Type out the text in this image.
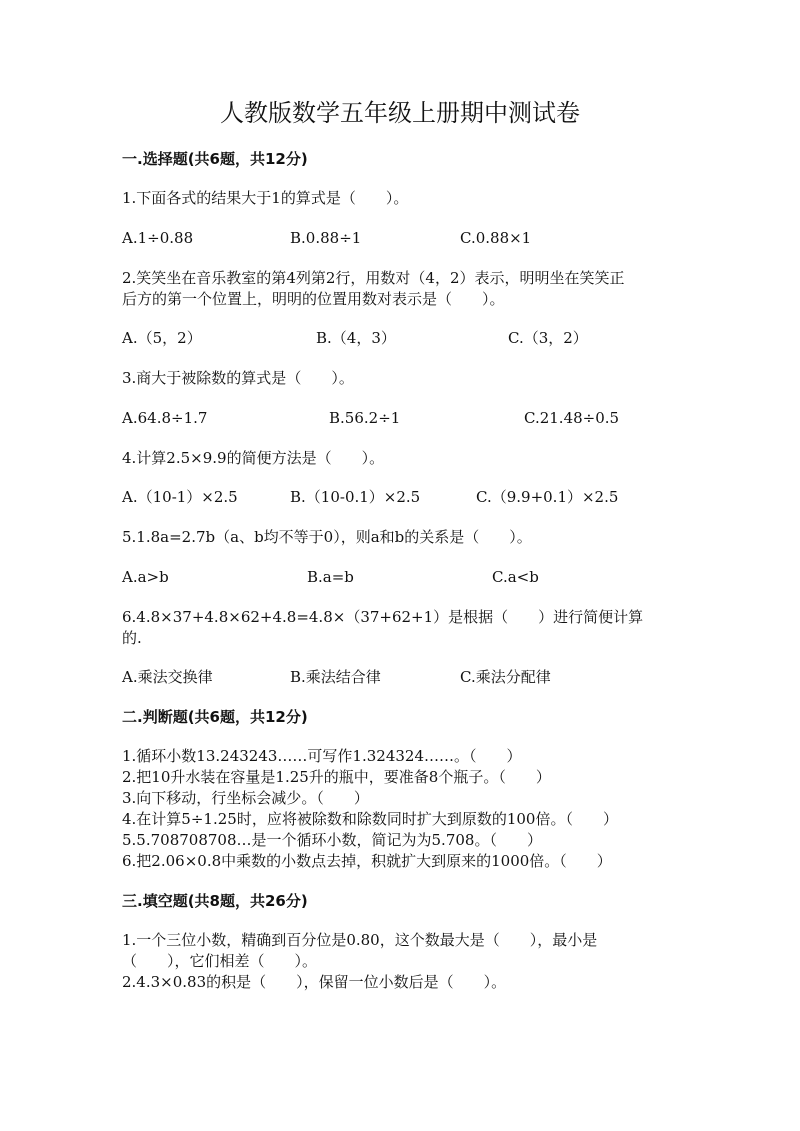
人教版数学五年级上册期中测试卷
一.选择题(共6题，共12分)
1.下面各式的结果大于1的算式是（　　）。
A.1÷0.88	B.0.88÷1	C.0.88×1
2.笑笑坐在音乐教室的第4列第2行，用数对（4，2）表示，明明坐在笑笑正
后方的第一个位置上，明明的位置用数对表示是（　　）。
A.（5，2）	B.（4，3）	C.（3，2）
3.商大于被除数的算式是（　　）。
A.64.8÷1.7	B.56.2÷1	C.21.48÷0.5
4.计算2.5×9.9的简便方法是（　　）。
A.（10-1）×2.5	B.（10-0.1）×2.5	C.（9.9+0.1）×2.5
5.1.8a=2.7b（a、b均不等于0），则a和b的关系是（　　）。
A.a>b	B.a=b	C.a<b
6.4.8×37+4.8×62+4.8=4.8×（37+62+1）是根据（　　）进行简便计算
的.
A.乘法交换律	B.乘法结合律	C.乘法分配律
二.判断题(共6题，共12分)
1.循环小数13.243243……可写作1.324324……。（　　）
2.把10升水装在容量是1.25升的瓶中，要准备8个瓶子。（　　）
3.向下移动，行坐标会减少。（　　）
4.在计算5÷1.25时，应将被除数和除数同时扩大到原数的100倍。（　　）
5.5.708708708…是一个循环小数，简记为为5.708。（　　）
6.把2.06×0.8中乘数的小数点去掉，积就扩大到原来的1000倍。（　　）
三.填空题(共8题，共26分)
1.一个三位小数，精确到百分位是0.80，这个数最大是（　　），最小是
（　　），它们相差（　　）。
2.4.3×0.83的积是（　　），保留一位小数后是（　　）。
